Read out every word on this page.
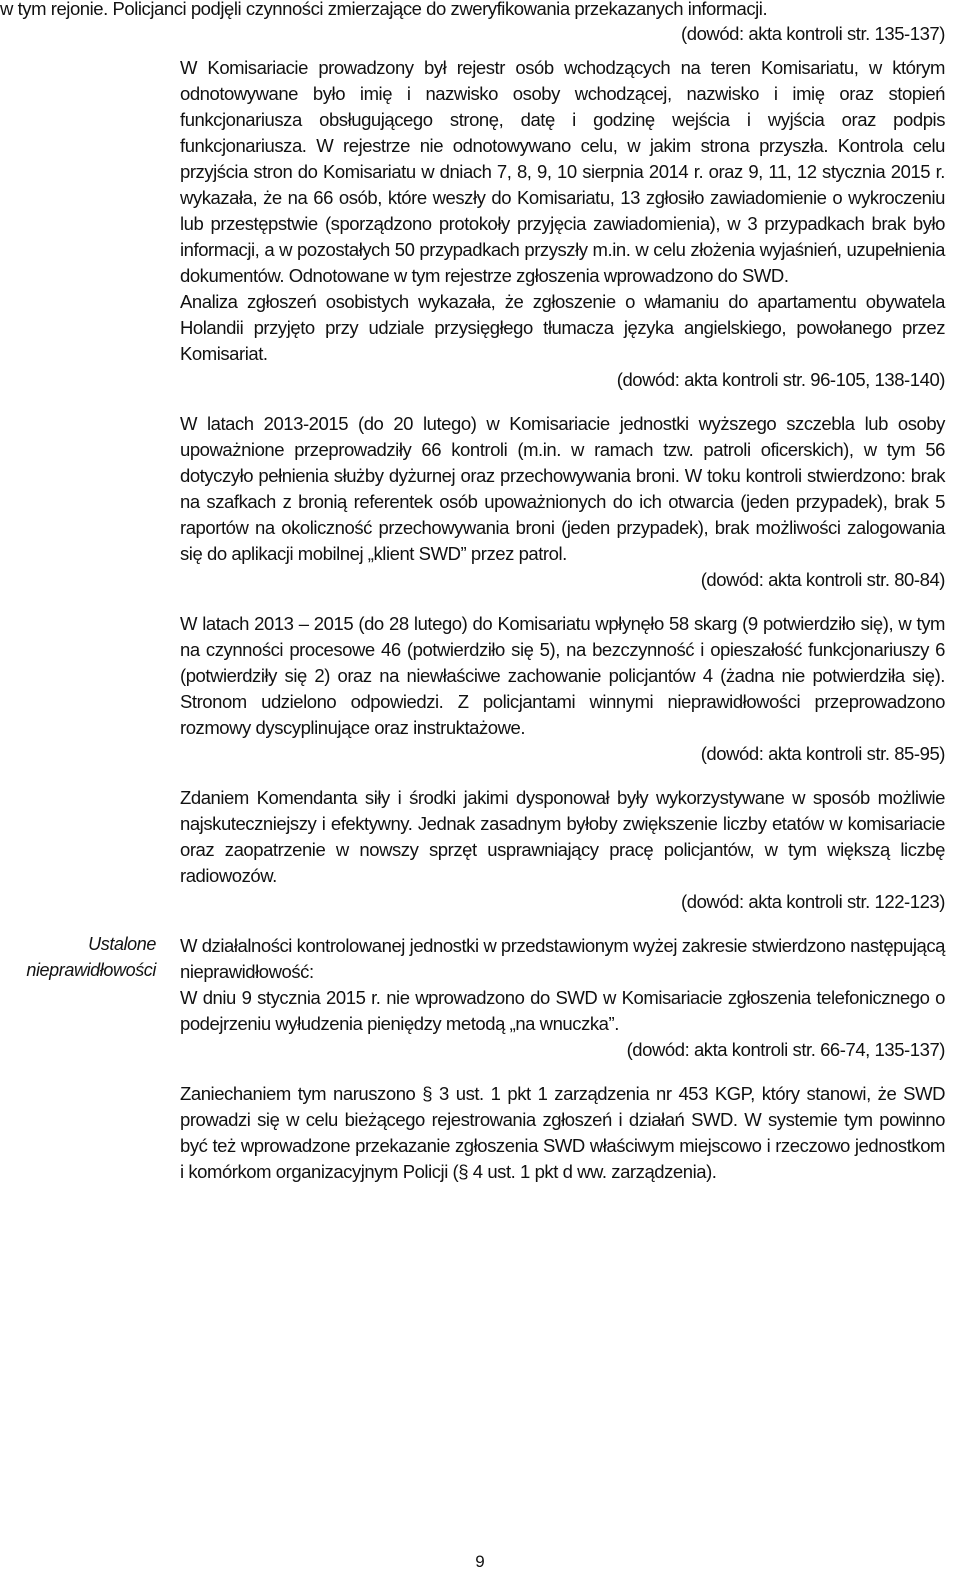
w tym rejonie. Policjanci podjęli czynności zmierzające do zweryfikowania przekazanych informacji.

(dowód: akta kontroli str. 135-137)

W Komisariacie prowadzony był rejestr osób wchodzących na teren Komisariatu, w którym odnotowywane było imię i nazwisko osoby wchodzącej, nazwisko i imię oraz stopień funkcjonariusza obsługującego stronę, datę i godzinę wejścia i wyjścia oraz podpis funkcjonariusza. W rejestrze nie odnotowywano celu, w jakim strona przyszła. Kontrola celu przyjścia stron do Komisariatu w dniach 7, 8, 9, 10 sierpnia 2014 r. oraz 9, 11, 12 stycznia 2015 r. wykazała, że na 66 osób, które weszły do Komisariatu, 13 zgłosiło zawiadomienie o wykroczeniu lub przestępstwie (sporządzono protokoły przyjęcia zawiadomienia), w 3 przypadkach brak było informacji, a w pozostałych 50 przypadkach przyszły m.in. w celu złożenia wyjaśnień, uzupełnienia dokumentów. Odnotowane w tym rejestrze zgłoszenia wprowadzono do SWD.

Analiza zgłoszeń osobistych wykazała, że zgłoszenie o włamaniu do apartamentu obywatela Holandii przyjęto przy udziale przysięgłego tłumacza języka angielskiego, powołanego przez Komisariat.

(dowód: akta kontroli str. 96-105, 138-140)

W latach 2013-2015 (do 20 lutego) w Komisariacie jednostki wyższego szczebla lub osoby upoważnione przeprowadziły 66 kontroli (m.in. w ramach tzw. patroli oficerskich), w tym 56 dotyczyło pełnienia służby dyżurnej oraz przechowywania broni. W toku kontroli stwierdzono: brak na szafkach z bronią referentek osób upoważnionych do ich otwarcia (jeden przypadek), brak 5 raportów na okoliczność przechowywania broni (jeden przypadek), brak możliwości zalogowania się do aplikacji mobilnej „klient SWD” przez patrol.

(dowód: akta kontroli str. 80-84)

W latach 2013 – 2015 (do 28 lutego) do Komisariatu wpłynęło 58 skarg (9 potwierdziło się), w tym na czynności procesowe 46 (potwierdziło się 5), na bezczynność i opieszałość funkcjonariuszy 6 (potwierdziły się 2) oraz na niewłaściwe zachowanie policjantów 4 (żadna nie potwierdziła się). Stronom udzielono odpowiedzi. Z policjantami winnymi nieprawidłowości przeprowadzono rozmowy dyscyplinujące oraz instruktażowe.

(dowód: akta kontroli str. 85-95)

Zdaniem Komendanta siły i środki jakimi dysponował były wykorzystywane w sposób możliwie najskuteczniejszy i efektywny. Jednak zasadnym byłoby zwiększenie liczby etatów w komisariacie oraz zaopatrzenie w nowszy sprzęt usprawniający pracę policjantów, w tym większą liczbę radiowozów.

(dowód: akta kontroli str. 122-123)

W działalności kontrolowanej jednostki w przedstawionym wyżej zakresie stwierdzono następującą nieprawidłowość:

W dniu 9 stycznia 2015 r. nie wprowadzono do SWD w Komisariacie zgłoszenia telefonicznego o podejrzeniu wyłudzenia pieniędzy metodą „na wnuczka”.

(dowód: akta kontroli str. 66-74, 135-137)

Zaniechaniem tym naruszono § 3 ust. 1 pkt 1 zarządzenia nr 453 KGP, który stanowi, że SWD prowadzi się w celu bieżącego rejestrowania zgłoszeń i działań SWD. W systemie tym powinno być też wprowadzone przekazanie zgłoszenia SWD właściwym miejscowo i rzeczowo jednostkom i komórkom organizacyjnym Policji (§ 4 ust. 1 pkt d ww. zarządzenia).

Ustalone
nieprawidłowości
9
